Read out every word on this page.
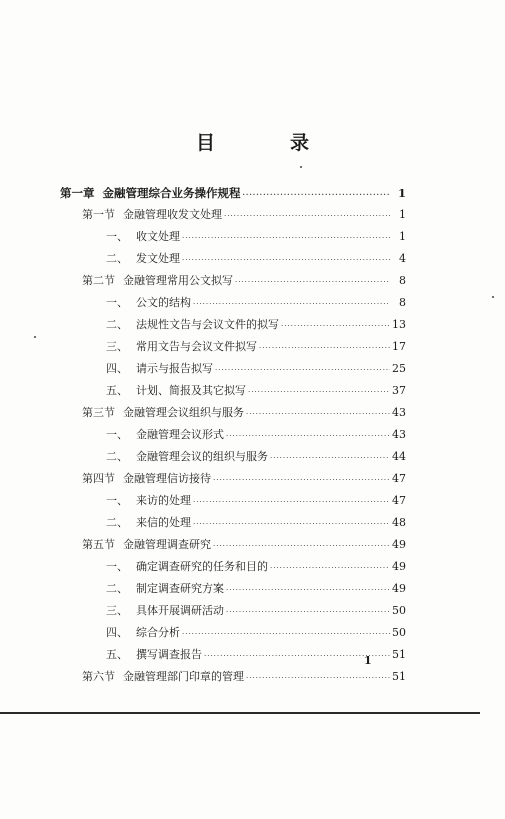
目　录
第一章 金融管理综合业务操作规程 ·····	1
第一节 金融管理收发文处理 ·····	1
一、 收文处理 ·····	1
二、 发文处理 ·····	4
第二节 金融管理常用公文拟写 ·····	8
一、 公文的结构 ·····	8
二、 法规性文告与会议文件的拟写 ·····	13
三、 常用文告与会议文件拟写 ·····	17
四、 请示与报告拟写 ·····	25
五、 计划、简报及其它拟写 ·····	37
第三节 金融管理会议组织与服务 ·····	43
一、 金融管理会议形式 ·····	43
二、 金融管理会议的组织与服务 ·····	44
第四节 金融管理信访接待 ·····	47
一、 来访的处理 ·····	47
二、 来信的处理 ·····	48
第五节 金融管理调查研究 ·····	49
一、 确定调查研究的任务和目的 ·····	49
二、 制定调查研究方案 ·····	49
三、 具体开展调研活动 ·····	50
四、 综合分析 ·····	50
五、 撰写调查报告 ·····	51
第六节 金融管理部门印章的管理 ·····	51
1
